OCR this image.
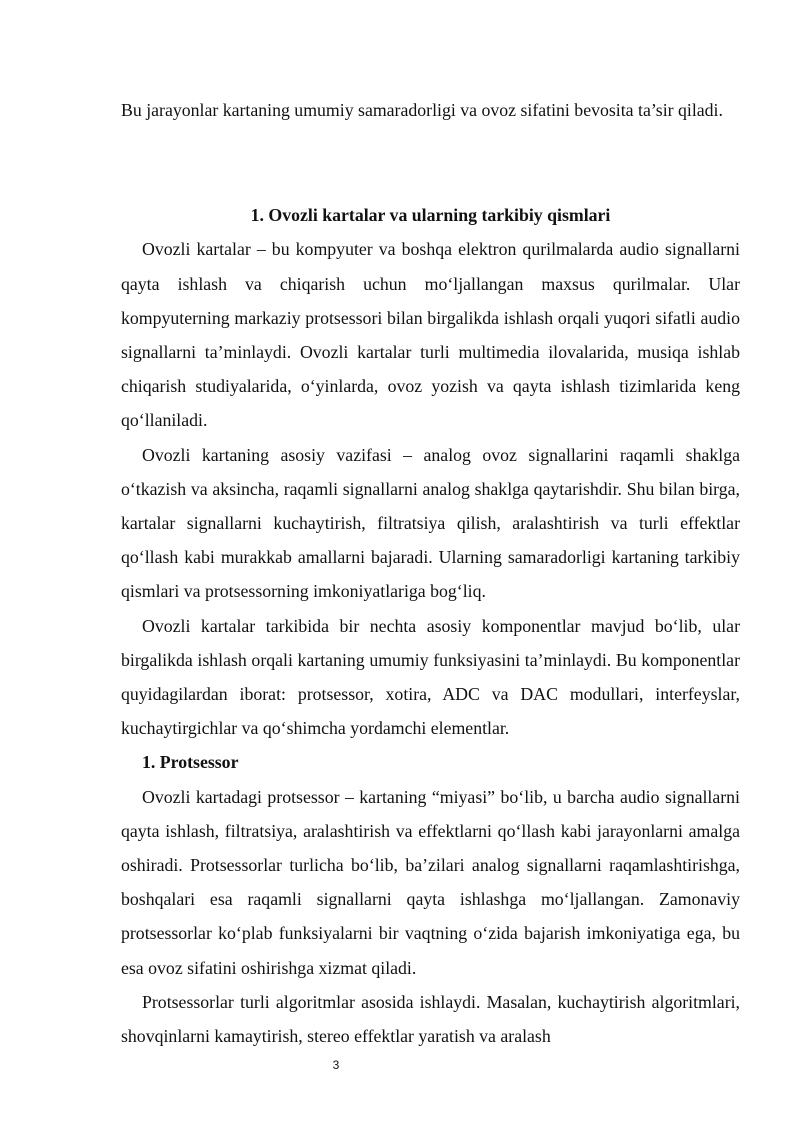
Bu jarayonlar kartaning umumiy samaradorligi va ovoz sifatini bevosita ta’sir qiladi.

1. Ovozli kartalar va ularning tarkibiy qismlari

Ovozli kartalar – bu kompyuter va boshqa elektron qurilmalarda audio signallarni qayta ishlash va chiqarish uchun mo‘ljallangan maxsus qurilmalar. Ular kompyuterning markaziy protsessori bilan birgalikda ishlash orqali yuqori sifatli audio signallarni ta’minlaydi. Ovozli kartalar turli multimedia ilovalarida, musiqa ishlab chiqarish studiyalarida, o‘yinlarda, ovoz yozish va qayta ishlash tizimlarida keng qo‘llaniladi.

Ovozli kartaning asosiy vazifasi – analog ovoz signallarini raqamli shaklga o‘tkazish va aksincha, raqamli signallarni analog shaklga qaytarishdir. Shu bilan birga, kartalar signallarni kuchaytirish, filtratsiya qilish, aralashtirish va turli effektlar qo‘llash kabi murakkab amallarni bajaradi. Ularning samaradorligi kartaning tarkibiy qismlari va protsessorning imkoniyatlariga bog‘liq.

Ovozli kartalar tarkibida bir nechta asosiy komponentlar mavjud bo‘lib, ular birgalikda ishlash orqali kartaning umumiy funksiyasini ta’minlaydi. Bu komponentlar quyidagilardan iborat: protsessor, xotira, ADC va DAC modullari, interfeyslar, kuchaytirgichlar va qo‘shimcha yordamchi elementlar.

1. Protsessor

Ovozli kartadagi protsessor – kartaning “miyasi” bo‘lib, u barcha audio signallarni qayta ishlash, filtratsiya, aralashtirish va effektlarni qo‘llash kabi jarayonlarni amalga oshiradi. Protsessorlar turlicha bo‘lib, ba’zilari analog signallarni raqamlashtirishga, boshqalari esa raqamli signallarni qayta ishlashga mo‘ljallangan. Zamonaviy protsessorlar ko‘plab funksiyalarni bir vaqtning o‘zida bajarish imkoniyatiga ega, bu esa ovoz sifatini oshirishga xizmat qiladi.

Protsessorlar turli algoritmlar asosida ishlaydi. Masalan, kuchaytirish algoritmlari, shovqinlarni kamaytirish, stereo effektlar yaratish va aralash

3
